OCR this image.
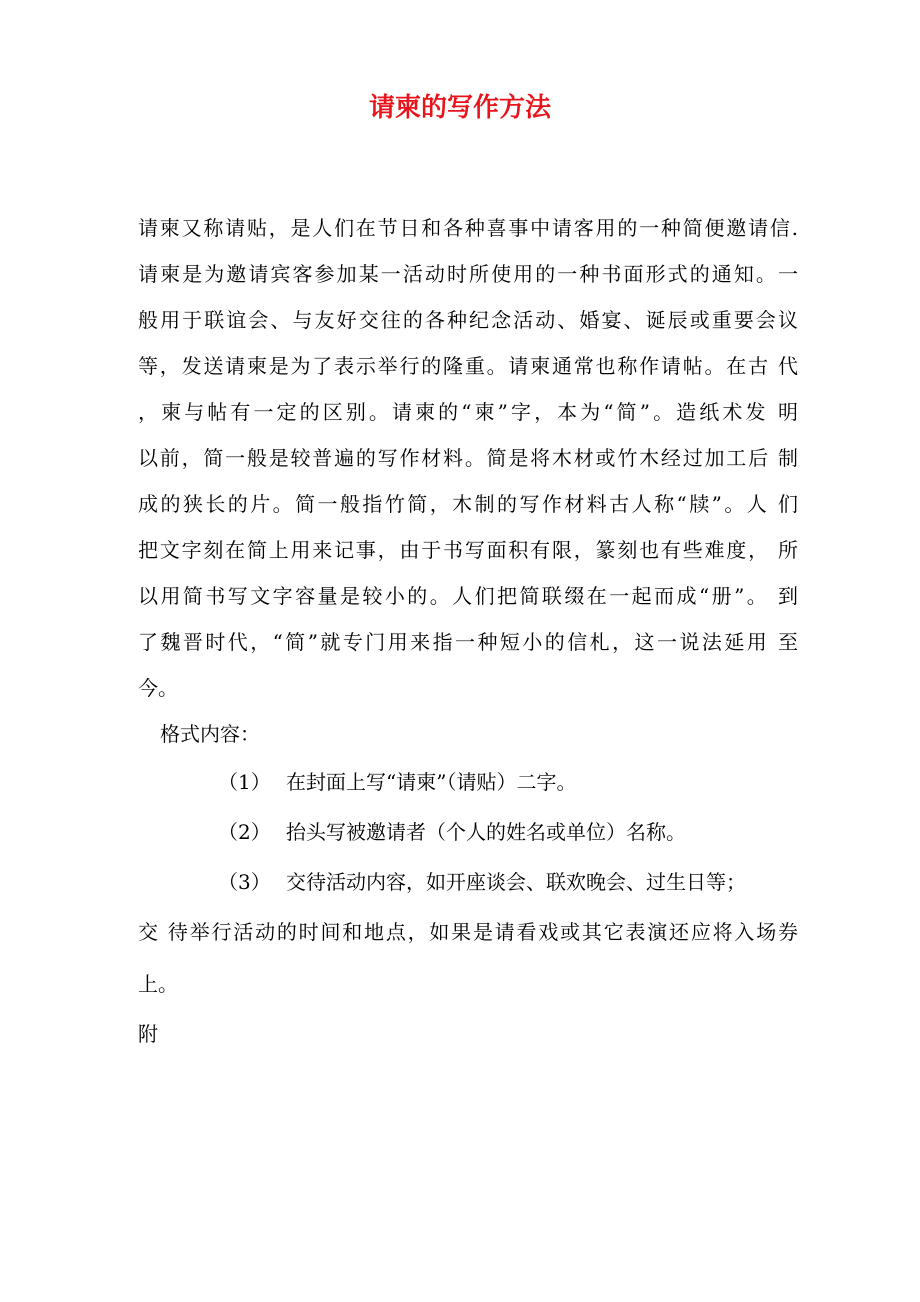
请柬的写作方法
请柬又称请贴，是人们在节日和各种喜事中请客用的一种简便邀请信.
请柬是为邀请宾客参加某一活动时所使用的一种书面形式的通知。一
般用于联谊会、与友好交往的各种纪念活动、婚宴、诞辰或重要会议
等，发送请柬是为了表示举行的隆重。请柬通常也称作请帖。在古 代
，柬与帖有一定的区别。请柬的“柬”字，本为“简”。造纸术发 明
以前，简一般是较普遍的写作材料。简是将木材或竹木经过加工后 制
成的狭长的片。简一般指竹简，木制的写作材料古人称“牍”。人 们
把文字刻在简上用来记事，由于书写面积有限，篆刻也有些难度， 所
以用简书写文字容量是较小的。人们把简联缀在一起而成“册”。 到
了魏晋时代，“简”就专门用来指一种短小的信札，这一说法延用 至
今。
格式内容：
（1） 在封面上写“请柬”（请贴）二字。
（2） 抬头写被邀请者（个人的姓名或单位）名称。
（3） 交待活动内容，如开座谈会、联欢晚会、过生日等；
交 待举行活动的时间和地点，如果是请看戏或其它表演还应将入场券
上。
附
